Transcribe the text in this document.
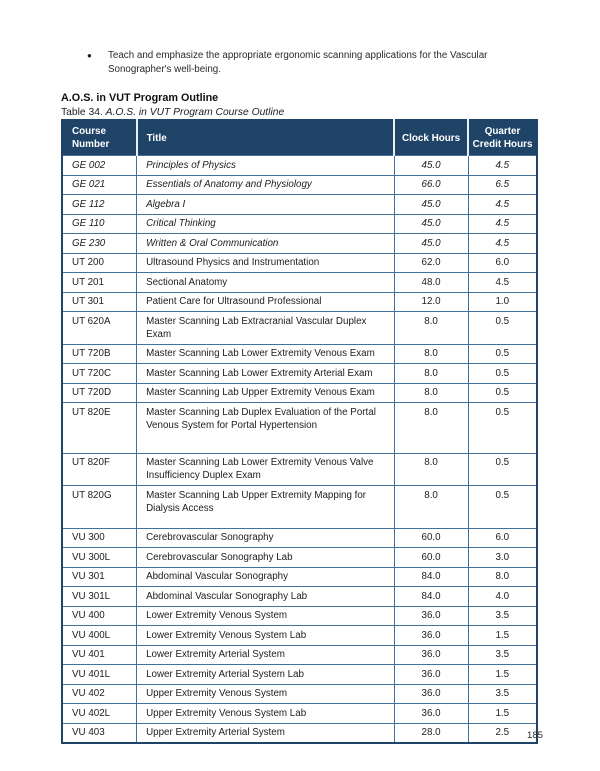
●	Teach and emphasize the appropriate ergonomic scanning applications for the Vascular Sonographer's well-being.
A.O.S. in VUT Program Outline
Table 34. A.O.S. in VUT Program Course Outline
Course Number	Title	Clock Hours	Quarter Credit Hours
GE 002	Principles of Physics	45.0	4.5
GE 021	Essentials of Anatomy and Physiology	66.0	6.5
GE 112	Algebra I	45.0	4.5
GE 110	Critical Thinking	45.0	4.5
GE 230	Written & Oral Communication	45.0	4.5
UT 200	Ultrasound Physics and Instrumentation	62.0	6.0
UT 201	Sectional Anatomy	48.0	4.5
UT 301	Patient Care for Ultrasound Professional	12.0	1.0
UT 620A	Master Scanning Lab Extracranial Vascular Duplex Exam	8.0	0.5
UT 720B	Master Scanning Lab Lower Extremity Venous Exam	8.0	0.5
UT 720C	Master Scanning Lab Lower Extremity Arterial Exam	8.0	0.5
UT 720D	Master Scanning Lab Upper Extremity Venous Exam	8.0	0.5
UT 820E	Master Scanning Lab Duplex Evaluation of the Portal Venous System for Portal Hypertension	8.0	0.5
UT 820F	Master Scanning Lab Lower Extremity Venous Valve Insufficiency Duplex Exam	8.0	0.5
UT 820G	Master Scanning Lab Upper Extremity Mapping for Dialysis Access	8.0	0.5
VU 300	Cerebrovascular Sonography	60.0	6.0
VU 300L	Cerebrovascular Sonography Lab	60.0	3.0
VU 301	Abdominal Vascular Sonography	84.0	8.0
VU 301L	Abdominal Vascular Sonography Lab	84.0	4.0
VU 400	Lower Extremity Venous System	36.0	3.5
VU 400L	Lower Extremity Venous System Lab	36.0	1.5
VU 401	Lower Extremity Arterial System	36.0	3.5
VU 401L	Lower Extremity Arterial System Lab	36.0	1.5
VU 402	Upper Extremity Venous System	36.0	3.5
VU 402L	Upper Extremity Venous System Lab	36.0	1.5
VU 403	Upper Extremity Arterial System	28.0	2.5 185
